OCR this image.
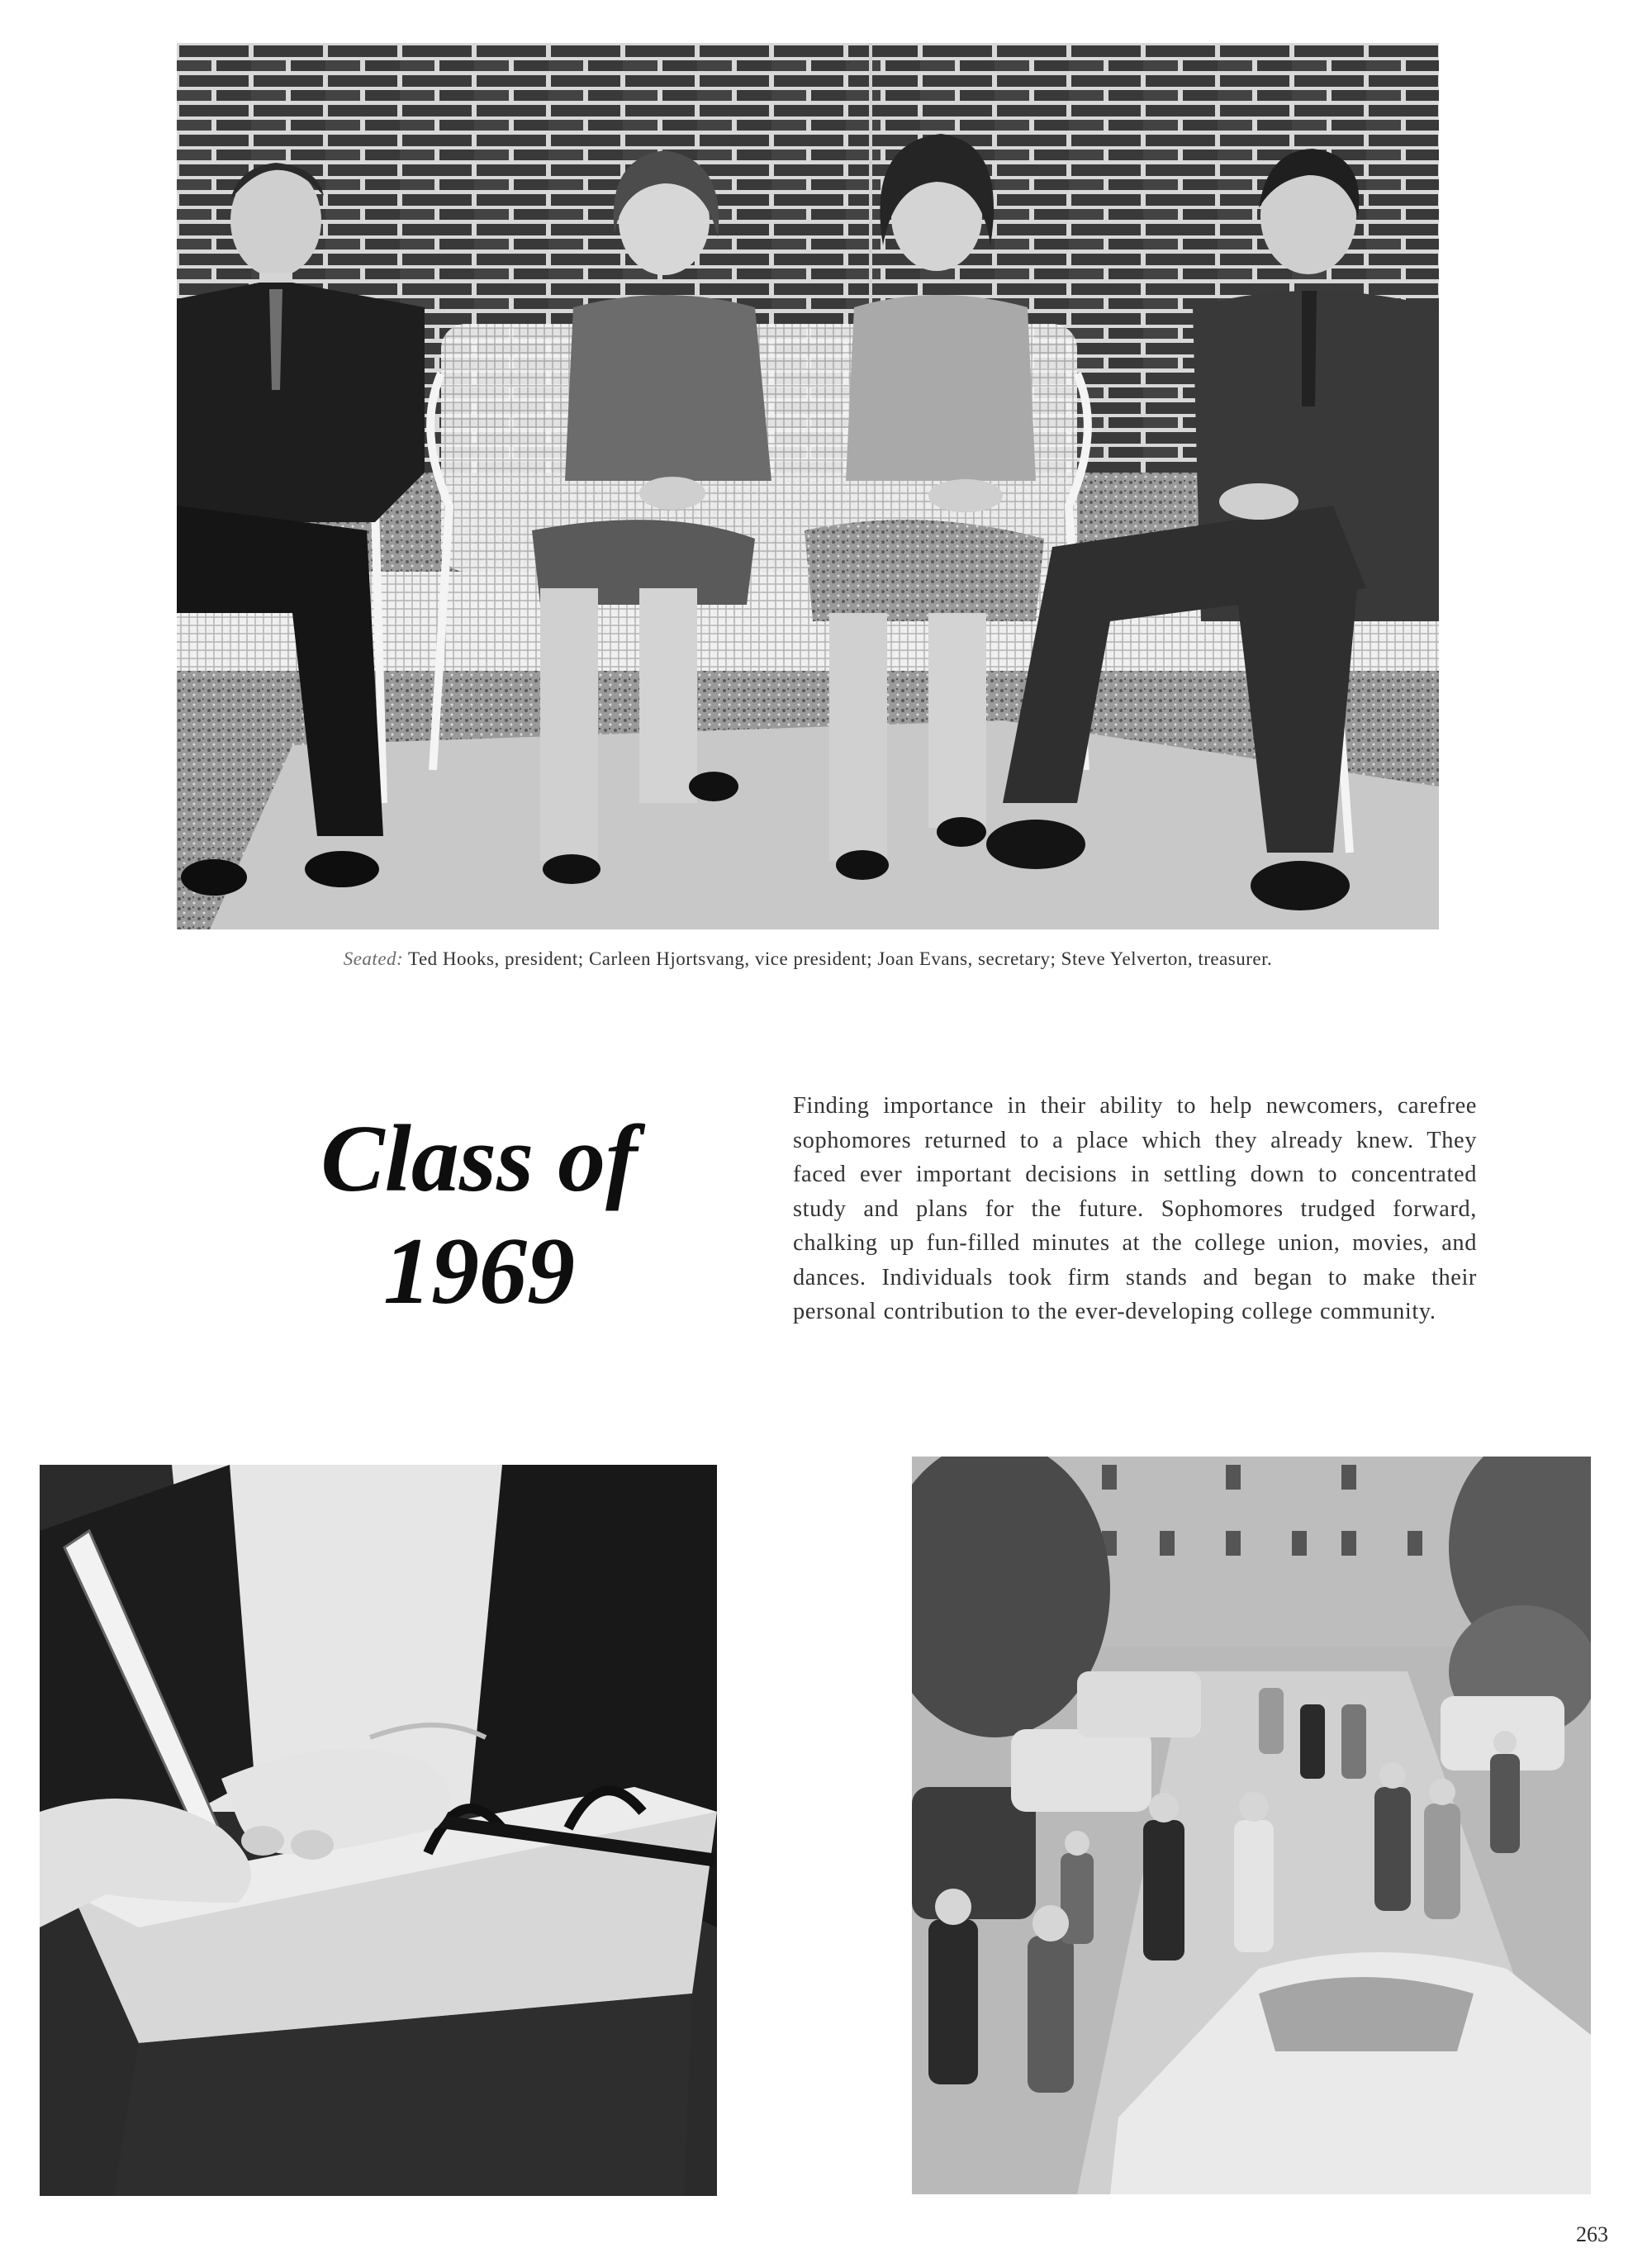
Seated: Ted Hooks, president; Carleen Hjortsvang, vice president; Joan Evans, secretary; Steve Yelverton, treasurer.
Class of
1969
Finding importance in their ability to help newcomers, carefree sophomores returned to a place which they already knew. They faced ever important decisions in settling down to concentrated study and plans for the future. Sophomores trudged forward, chalking up fun-filled minutes at the college union, movies, and dances. Individuals took firm stands and began to make their personal contribution to the ever-developing college community.
263
